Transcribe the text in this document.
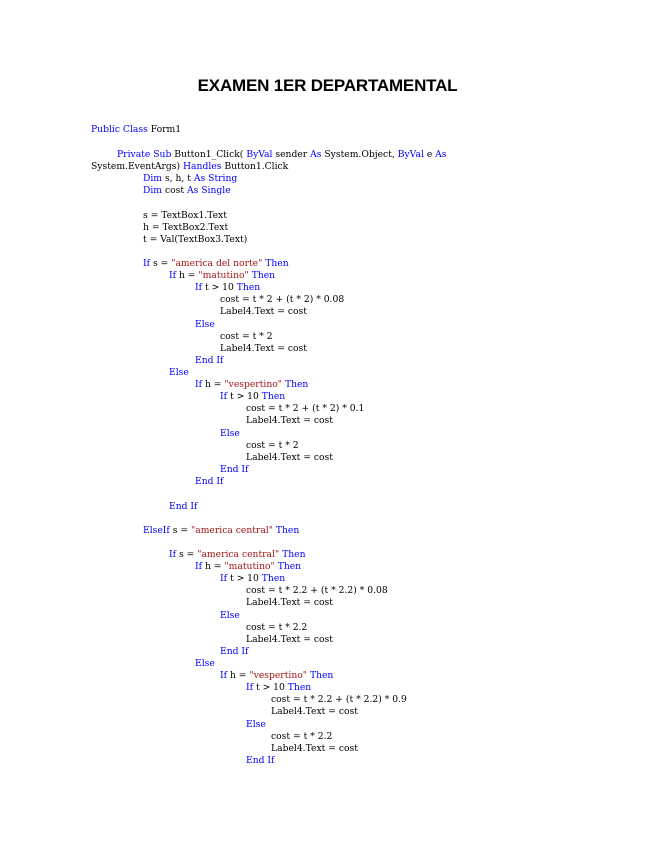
EXAMEN 1ER DEPARTAMENTAL
Public Class Form1
Private Sub Button1_Click( ByVal sender As System.Object, ByVal e As
System.EventArgs) Handles Button1.Click
Dim s, h, t As String
Dim cost As Single
s = TextBox1.Text
h = TextBox2.Text
t = Val(TextBox3.Text)
If s = "america del norte" Then
If h = "matutino" Then
If t > 10 Then
cost = t * 2 + (t * 2) * 0.08
Label4.Text = cost
Else
cost = t * 2
Label4.Text = cost
End If
Else
If h = "vespertino" Then
If t > 10 Then
cost = t * 2 + (t * 2) * 0.1
Label4.Text = cost
Else
cost = t * 2
Label4.Text = cost
End If
End If
End If
ElseIf s = "america central" Then
If s = "america central" Then
If h = "matutino" Then
If t > 10 Then
cost = t * 2.2 + (t * 2.2) * 0.08
Label4.Text = cost
Else
cost = t * 2.2
Label4.Text = cost
End If
Else
If h = "vespertino" Then
If t > 10 Then
cost = t * 2.2 + (t * 2.2) * 0.9
Label4.Text = cost
Else
cost = t * 2.2
Label4.Text = cost
End If
